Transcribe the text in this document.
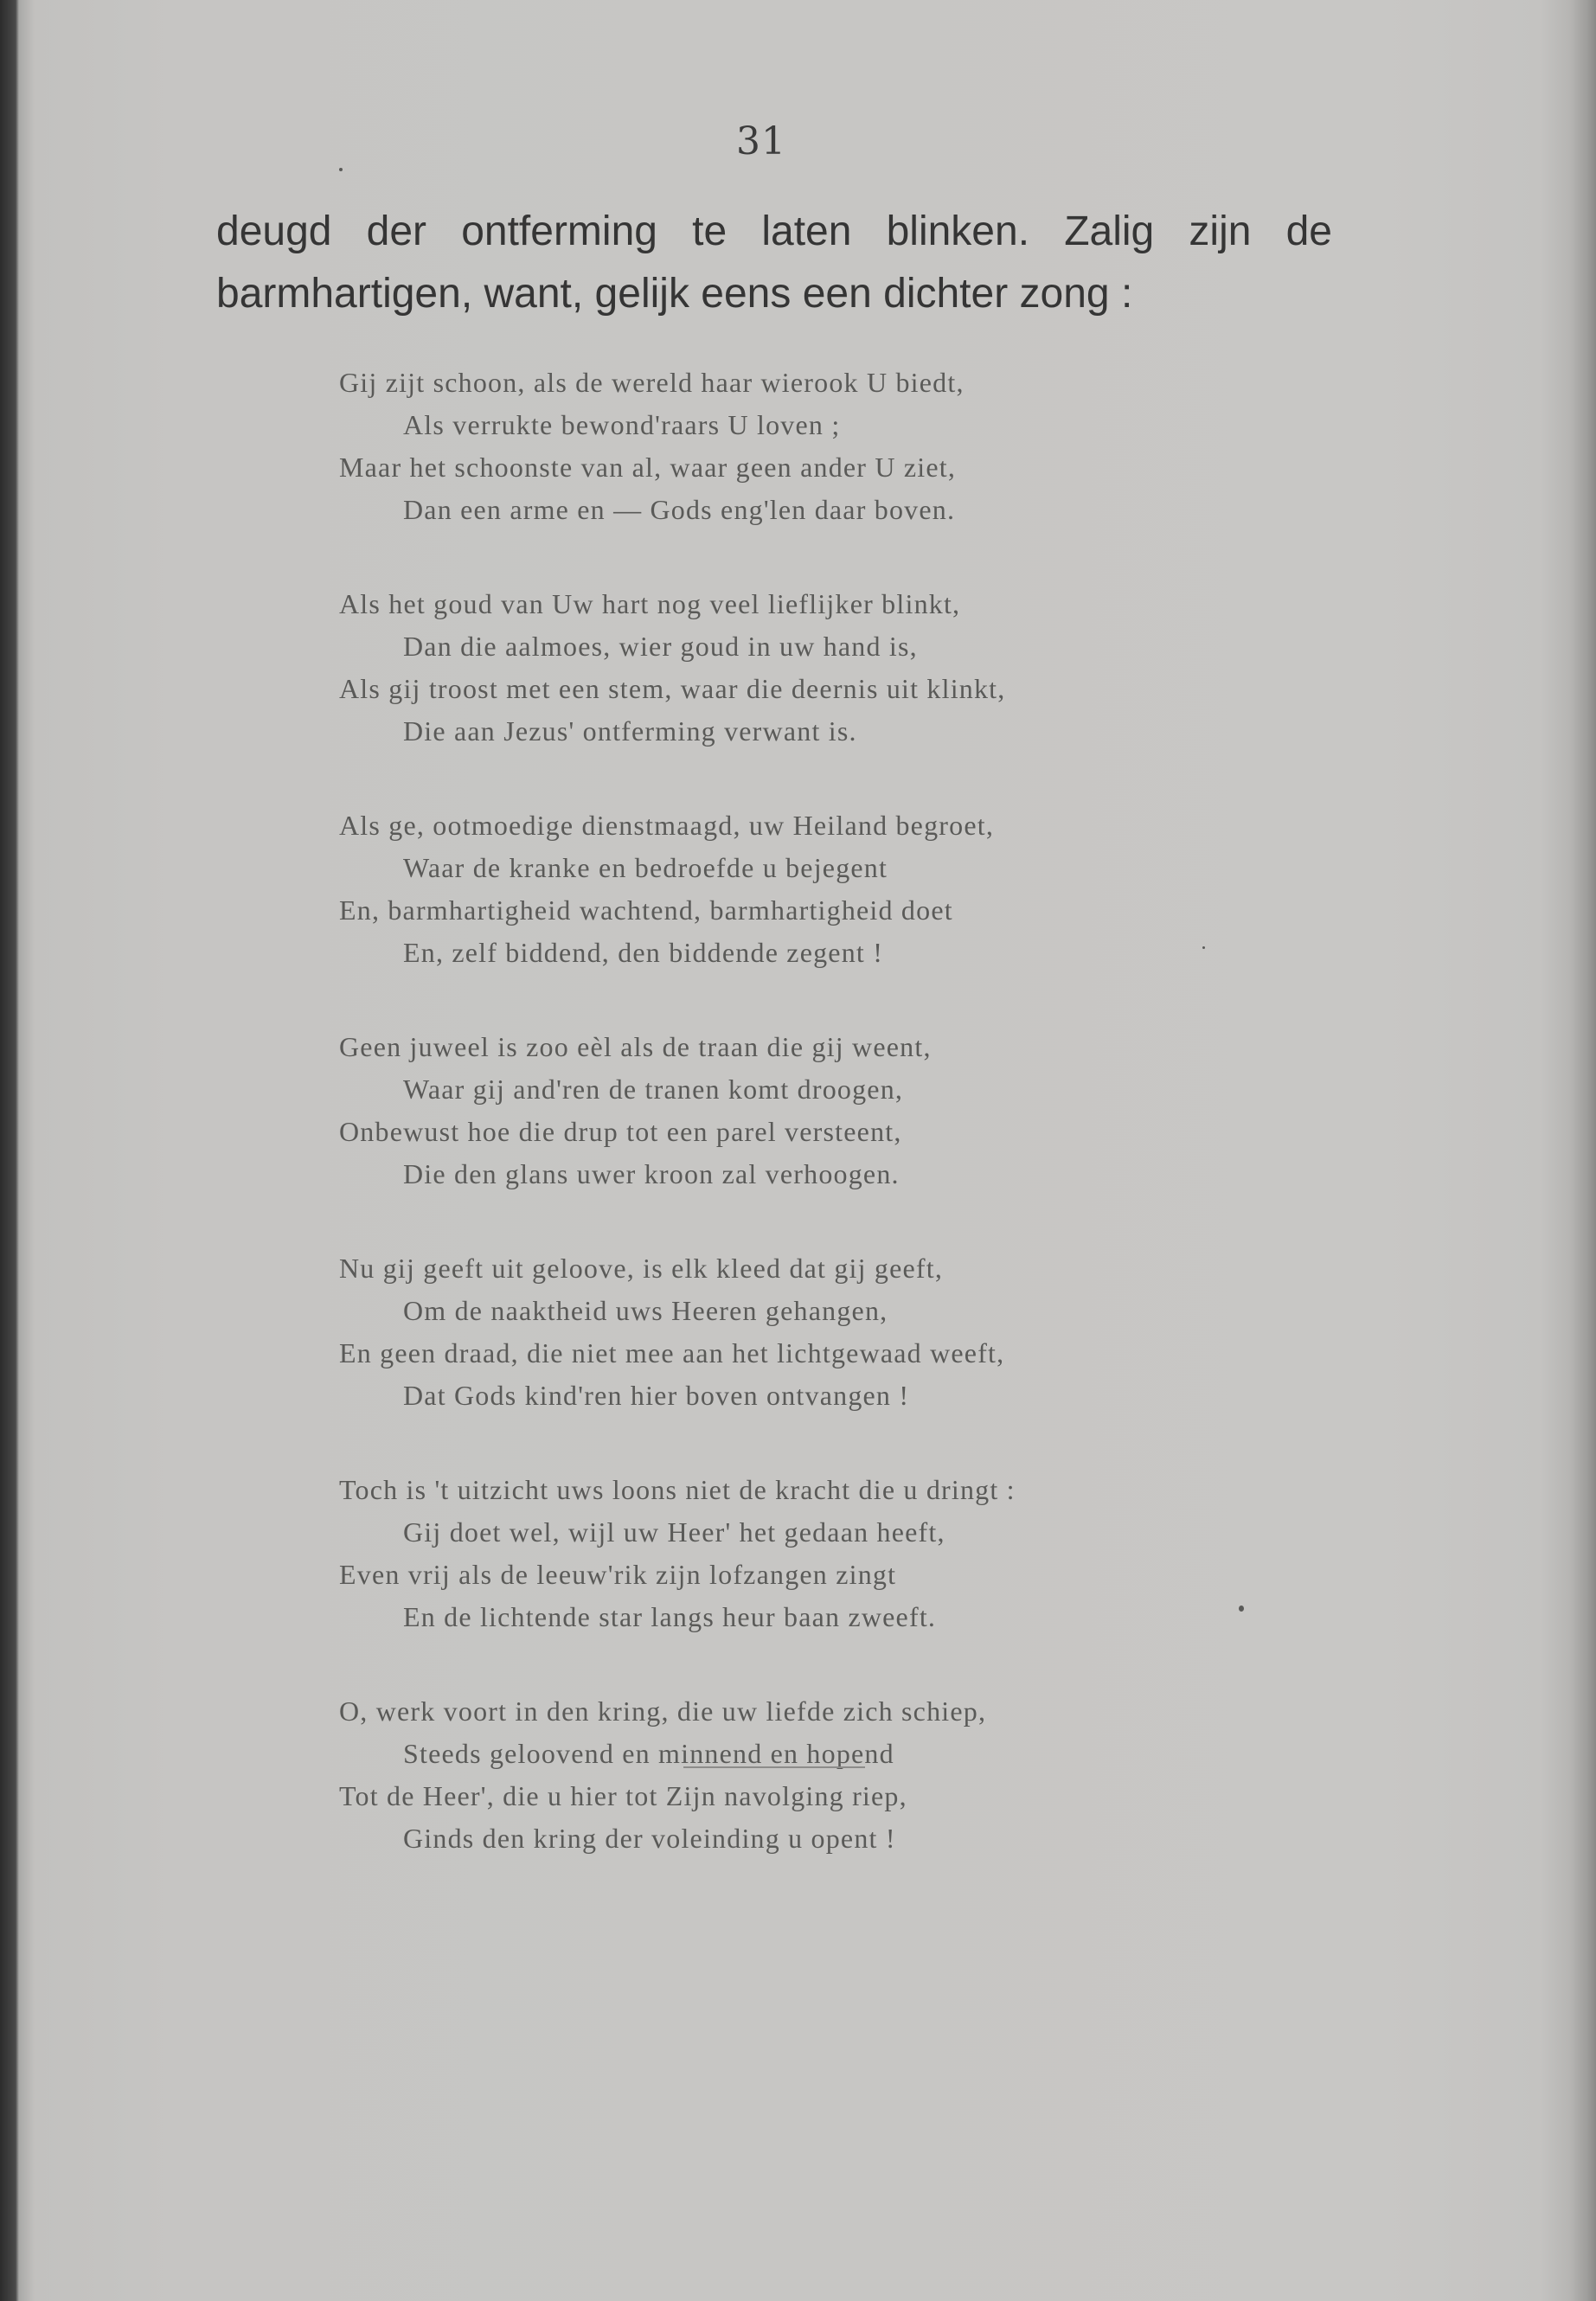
31
deugd der ontferming te laten blinken. Zalig zijn de
barmhartigen, want, gelijk eens een dichter zong :
Gij zijt schoon, als de wereld haar wierook U biedt,
Als verrukte bewond'raars U loven ;
Maar het schoonste van al, waar geen ander U ziet,
Dan een arme en — Gods eng'len daar boven.
Als het goud van Uw hart nog veel lieflijker blinkt,
Dan die aalmoes, wier goud in uw hand is,
Als gij troost met een stem, waar die deernis uit klinkt,
Die aan Jezus' ontferming verwant is.
Als ge, ootmoedige dienstmaagd, uw Heiland begroet,
Waar de kranke en bedroefde u bejegent
En, barmhartigheid wachtend, barmhartigheid doet
En, zelf biddend, den biddende zegent !
Geen juweel is zoo eèl als de traan die gij weent,
Waar gij and'ren de tranen komt droogen,
Onbewust hoe die drup tot een parel versteent,
Die den glans uwer kroon zal verhoogen.
Nu gij geeft uit geloove, is elk kleed dat gij geeft,
Om de naaktheid uws Heeren gehangen,
En geen draad, die niet mee aan het lichtgewaad weeft,
Dat Gods kind'ren hier boven ontvangen !
Toch is 't uitzicht uws loons niet de kracht die u dringt :
Gij doet wel, wijl uw Heer' het gedaan heeft,
Even vrij als de leeuw'rik zijn lofzangen zingt
En de lichtende star langs heur baan zweeft.
O, werk voort in den kring, die uw liefde zich schiep,
Steeds geloovend en minnend en hopend
Tot de Heer', die u hier tot Zijn navolging riep,
Ginds den kring der voleinding u opent !
